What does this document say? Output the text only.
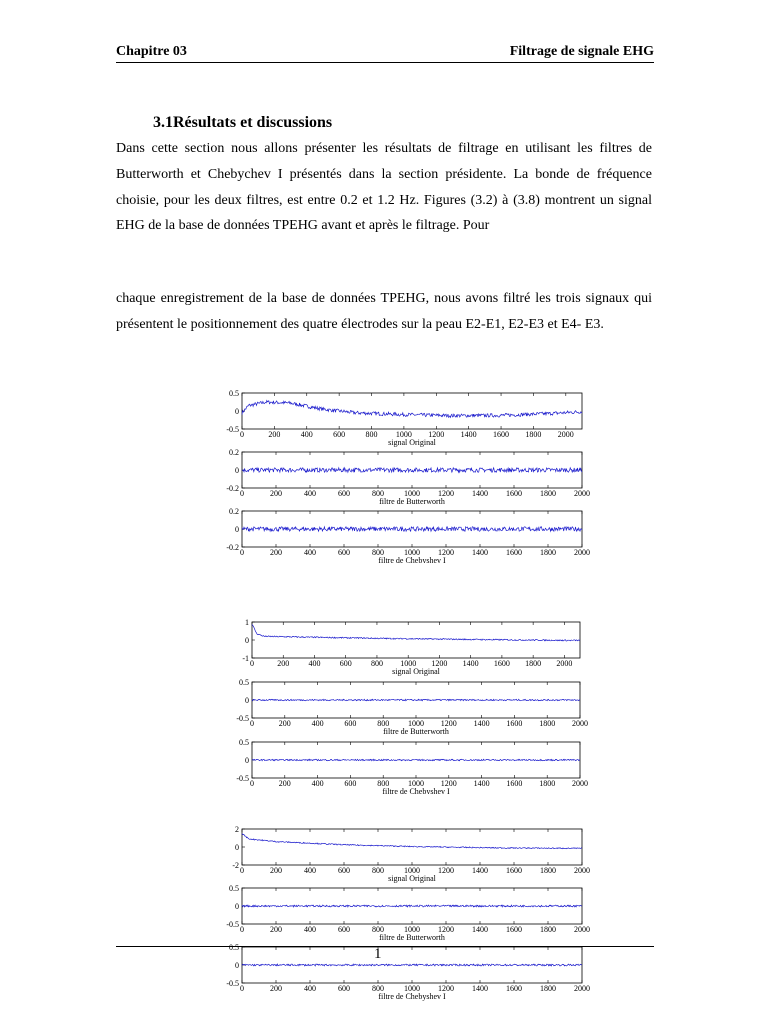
Chapitre 03	Filtrage de signale EHG
3.1Résultats et discussions

Dans cette section nous allons présenter les résultats de filtrage en utilisant les filtres de Butterworth et Chebychev I présentés dans la section présidente. La bonde de fréquence choisie, pour les deux filtres, est entre 0.2 et 1.2 Hz. Figures (3.2) à (3.8) montrent un signal EHG de la base de données TPEHG avant et après le filtrage. Pour

chaque enregistrement de la base de données TPEHG, nous avons filtré les trois signaux qui présentent le positionnement des quatre électrodes sur la peau E2-E1, E2-E3 et E4- E3.

0	200	400	600	800 1000 1200 1400 1600 1800 2000
0.5
0
-0.5
signal Original
0	200	400	600	800	1000 1200 1400 1600 1800 2000
0.2
0
-0.2
filtre de Butterworth
0	200	400	600	800	1000 1200 1400 1600 1800 2000
0.2
0
-0.2
filtre de Chebyshev I
0	200 400 600 800 1000 1200 1400 1600 1800 2000
1
0
-1
signal Original
0	200	400	600	800 1000 1200 1400 1600 1800 2000
0.5
0
-0.5
filtre de Butterworth
0	200	400	600	800 1000 1200 1400 1600 1800 2000
0.5
0
-0.5
filtre de Chebyshev I
0	200	400	600	800	1000 1200 1400 1600 1800 2000
2
0
-2
signal Original
0	200	400	600	800	1000 1200 1400 1600 1800 2000
0.5
0
-0.5
filtre de Butterworth
0	200	400	600	800	1000 1200 1400 1600 1800 2000
0.5
0
-0.5
filtre de Chebyshev I
1
